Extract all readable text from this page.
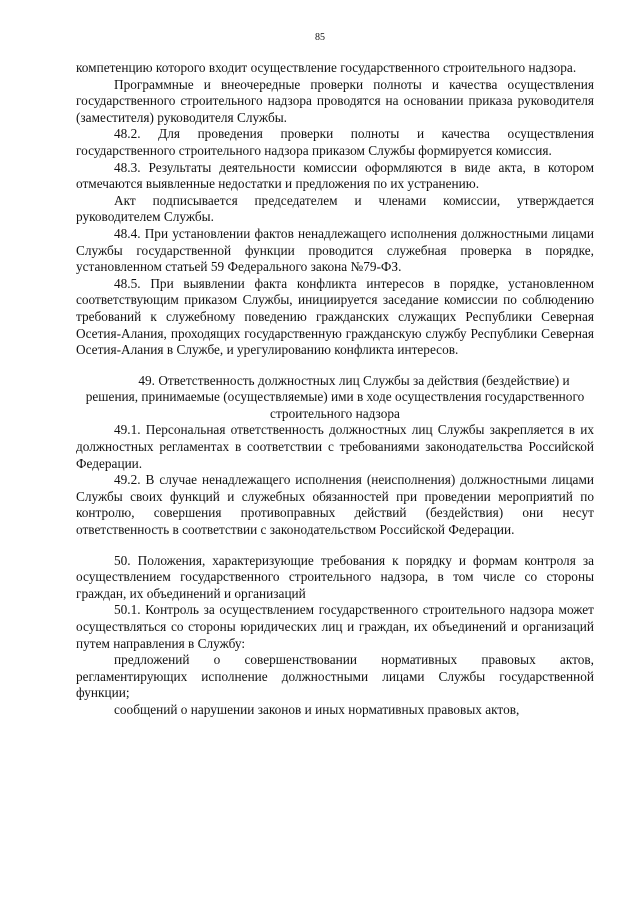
85

компетенцию которого входит осуществление государственного строительного надзора.

Программные и внеочередные проверки полноты и качества осуществления государственного строительного надзора проводятся на основании приказа руководителя (заместителя) руководителя Службы.

48.2. Для проведения проверки полноты и качества осуществления государственного строительного надзора приказом Службы формируется комиссия.

48.3. Результаты деятельности комиссии оформляются в виде акта, в котором отмечаются выявленные недостатки и предложения по их устранению.

Акт подписывается председателем и членами комиссии, утверждается руководителем Службы.

48.4. При установлении фактов ненадлежащего исполнения должностными лицами Службы государственной функции проводится служебная проверка в порядке, установленном статьей 59 Федерального закона №79-ФЗ.

48.5. При выявлении факта конфликта интересов в порядке, установленном соответствующим приказом Службы, инициируется заседание комиссии по соблюдению требований к служебному поведению гражданских служащих Республики Северная Осетия-Алания, проходящих государственную гражданскую службу Республики Северная Осетия-Алания в Службе, и урегулированию конфликта интересов.

49. Ответственность должностных лиц Службы за действия (бездействие) и решения, принимаемые (осуществляемые) ими в ходе осуществления государственного строительного надзора

49.1. Персональная ответственность должностных лиц Службы закрепляется в их должностных регламентах в соответствии с требованиями законодательства Российской Федерации.

49.2. В случае ненадлежащего исполнения (неисполнения) должностными лицами Службы своих функций и служебных обязанностей при проведении мероприятий по контролю, совершения противоправных действий (бездействия) они несут ответственность в соответствии с законодательством Российской Федерации.

50. Положения, характеризующие требования к порядку и формам контроля за осуществлением государственного строительного надзора, в том числе со стороны граждан, их объединений и организаций

50.1. Контроль за осуществлением государственного строительного надзора может осуществляться со стороны юридических лиц и граждан, их объединений и организаций путем направления в Службу:

предложений о совершенствовании нормативных правовых актов, регламентирующих исполнение должностными лицами Службы государственной функции;

сообщений о нарушении законов и иных нормативных правовых актов,
